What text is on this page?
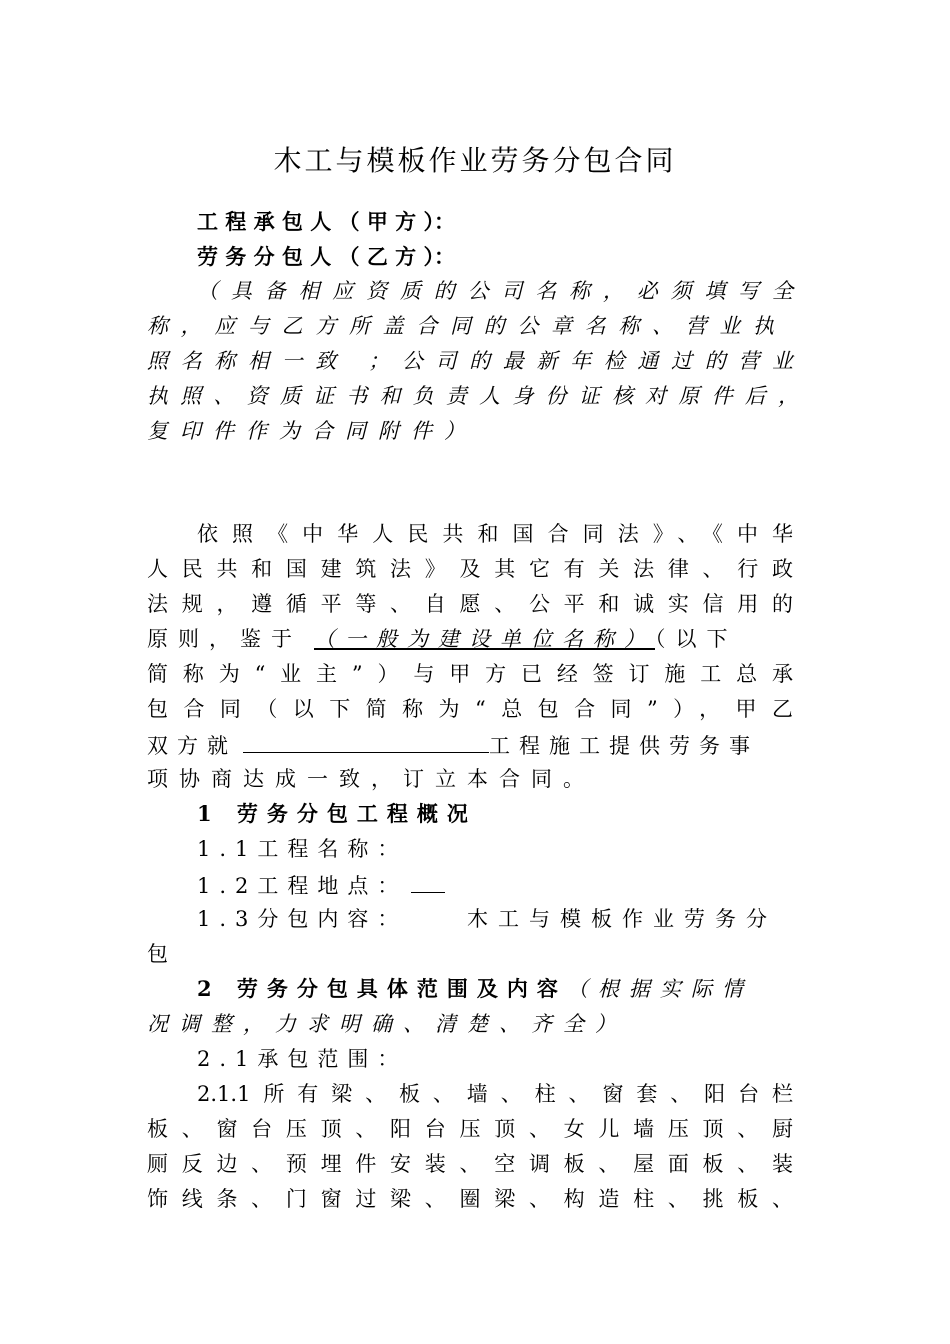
木工与模板作业劳务分包合同
工 程 承 包 人 （ 甲 方 ）：
劳 务 分 包 人 （ 乙 方 ）：
（具备相应资质的公司名称，必须填写全
称，应与乙方所盖合同的公章名称、营业执
照名称相一致 ；公司的最新年检通过的营业
执照、资质证书和负责人身份证核对原件后，
复印件作为合同附件）
依照《中华人民共和国合同法》、《中华
人民共和国建筑法》及其它有关法律、行政
法规，遵循平等、自愿、公平和诚实信用的
原则，鉴于 （一般为建设单位名称）（以下
简称为“业主”）与甲方已经签订施工总承
包合同（以下简称为“总包合同”），甲乙
双方就	工程施工提供劳务事
项协商达成一致，订立本合同。
1 劳务分包工程概况
1.1工程名称：
1.2工程地点：
1.3分包内容：	木工与模板作业劳务分
包
2 劳务分包具体范围及内容（根据实际情
况调整，力求明确、清楚、齐全）
2.1承包范围：
2.1.1所有梁、板、墙、柱、窗套、阳台栏
板、窗台压顶、阳台压顶、女儿墙压顶、厨
厕反边、预埋件安装、空调板、屋面板、装
饰线条、门窗过梁、圈梁、构造柱、挑板、
